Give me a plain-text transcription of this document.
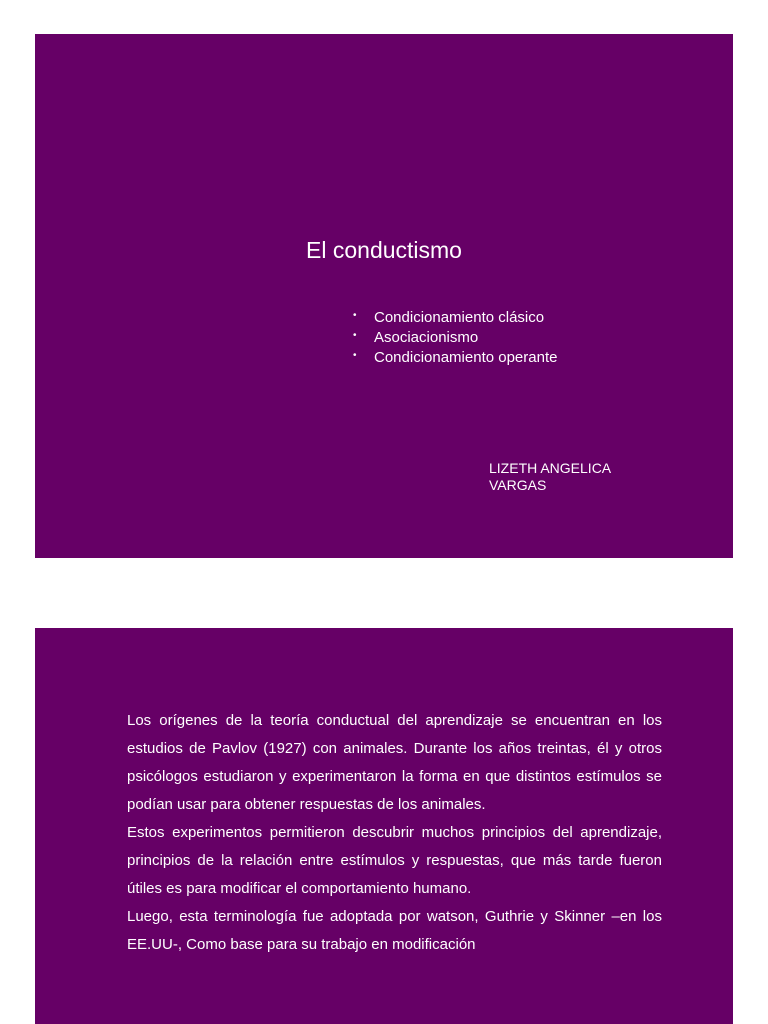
El conductismo
•	Condicionamiento clásico
•	Asociacionismo
•	Condicionamiento operante
LIZETH ANGELICA
VARGAS

Los orígenes de la teoría conductual del aprendizaje se encuentran en los estudios de Pavlov (1927) con animales. Durante los años treintas, él y otros psicólogos estudiaron y experimentaron la forma en que distintos estímulos se podían usar para obtener respuestas de los animales.

Estos experimentos permitieron descubrir muchos principios del aprendizaje, principios de la relación entre estímulos y respuestas, que más tarde fueron útiles es para modificar el comportamiento humano.

Luego, esta terminología fue adoptada por watson, Guthrie y Skinner –en los EE.UU-, Como base para su trabajo en modificación
